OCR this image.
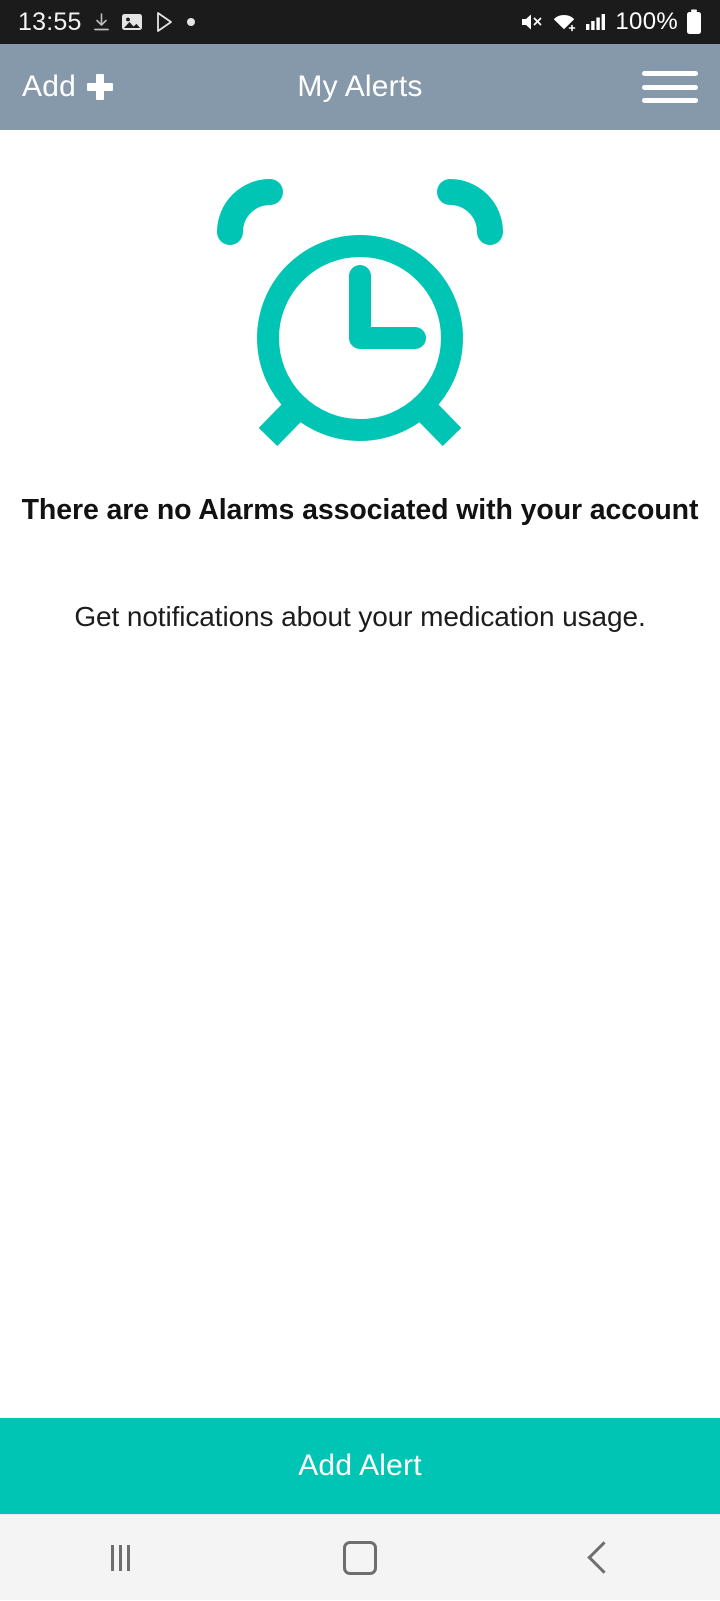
13:55	100%
Add	My Alerts
There are no Alarms associated with your account
Get notifications about your medication usage.
Add Alert
